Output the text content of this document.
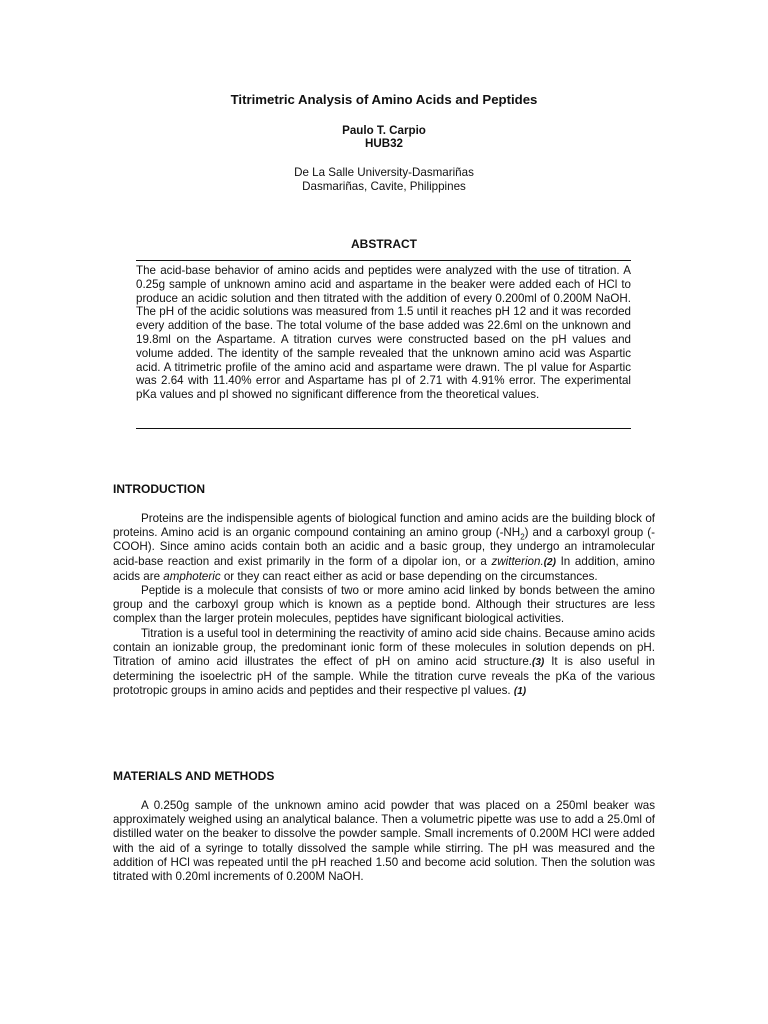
Titrimetric Analysis of Amino Acids and Peptides
Paulo T. Carpio
HUB32
De La Salle University-Dasmariñas
Dasmariñas, Cavite, Philippines
ABSTRACT
The acid-base behavior of amino acids and peptides were analyzed with the use of titration. A 0.25g sample of unknown amino acid and aspartame in the beaker were added each of HCl to produce an acidic solution and then titrated with the addition of every 0.200ml of 0.200M NaOH. The pH of the acidic solutions was measured from 1.5 until it reaches pH 12 and it was recorded every addition of the base. The total volume of the base added was 22.6ml on the unknown and 19.8ml on the Aspartame. A titration curves were constructed based on the pH values and volume added. The identity of the sample revealed that the unknown amino acid was Aspartic acid. A titrimetric profile of the amino acid and aspartame were drawn. The pI value for Aspartic was 2.64 with 11.40% error and Aspartame has pI of 2.71 with 4.91% error. The experimental pKa values and pI showed no significant difference from the theoretical values.
INTRODUCTION

Proteins are the indispensible agents of biological function and amino acids are the building block of proteins. Amino acid is an organic compound containing an amino group $(-NH_2)$ and a carboxyl group (-COOH). Since amino acids contain both an acidic and a basic group, they undergo an intramolecular acid-base reaction and exist primarily in the form of a dipolar ion, or a zwitterion.(2) In addition, amino acids are amphoteric or they can react either as acid or base depending on the circumstances.

Peptide is a molecule that consists of two or more amino acid linked by bonds between the amino group and the carboxyl group which is known as a peptide bond. Although their structures are less complex than the larger protein molecules, peptides have significant biological activities.

Titration is a useful tool in determining the reactivity of amino acid side chains. Because amino acids contain an ionizable group, the predominant ionic form of these molecules in solution depends on pH. Titration of amino acid illustrates the effect of pH on amino acid structure.(3) It is also useful in determining the isoelectric pH of the sample. While the titration curve reveals the pKa of the various prototropic groups in amino acids and peptides and their respective pI values. (1)

MATERIALS AND METHODS

A 0.250g sample of the unknown amino acid powder that was placed on a 250ml beaker was approximately weighed using an analytical balance. Then a volumetric pipette was use to add a 25.0ml of distilled water on the beaker to dissolve the powder sample. Small increments of 0.200M HCl were added with the aid of a syringe to totally dissolved the sample while stirring. The pH was measured and the addition of HCl was repeated until the pH reached 1.50 and become acid solution. Then the solution was titrated with 0.20ml increments of 0.200M NaOH.
